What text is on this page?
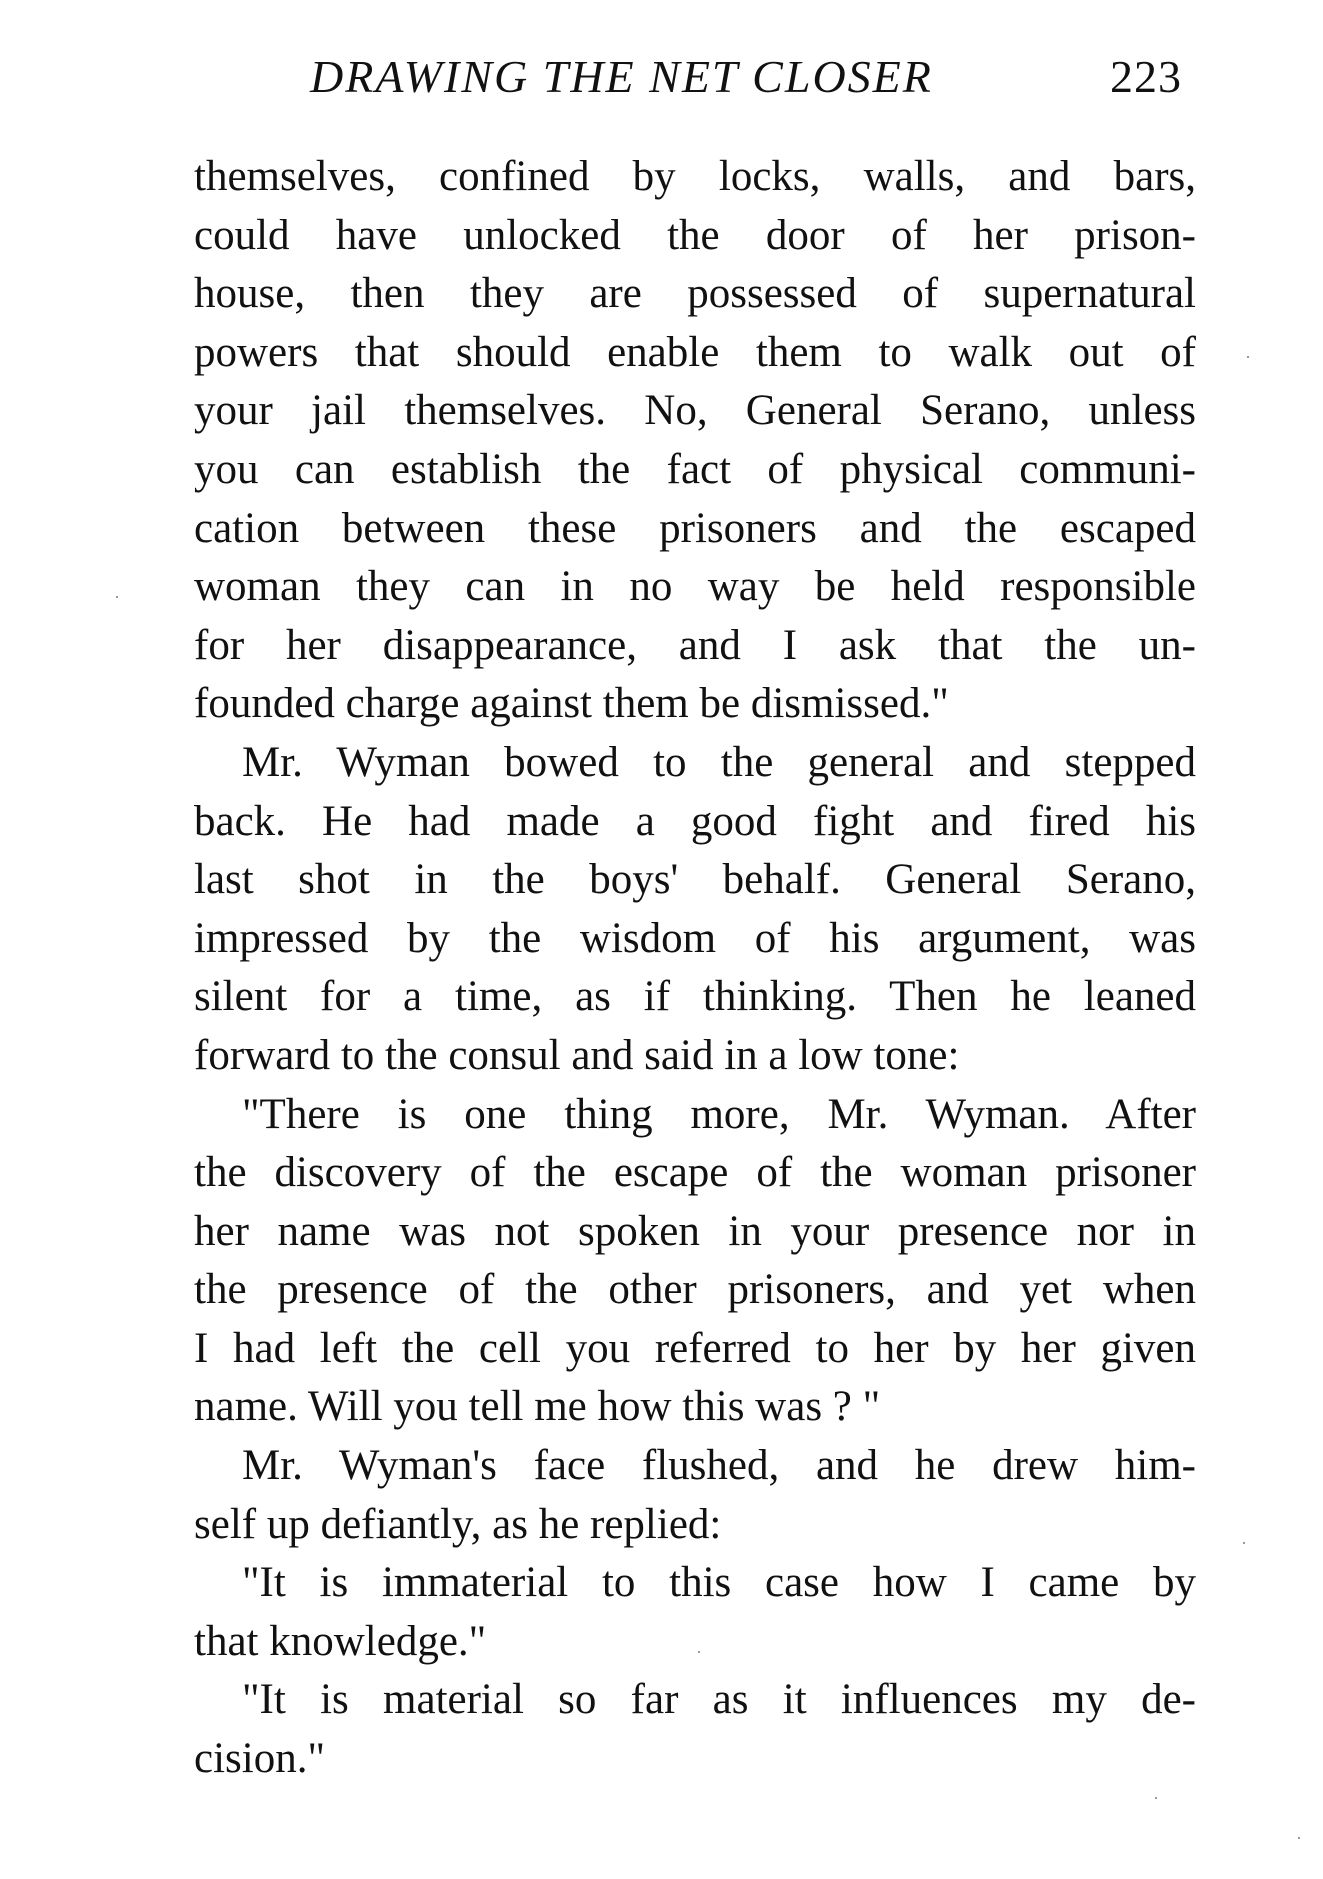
DRAWING THE NET CLOSER	223
themselves, confined by locks, walls, and bars,
could have unlocked the door of her prison-
house, then they are possessed of supernatural
powers that should enable them to walk out of
your jail themselves. No, General Serano, unless
you can establish the fact of physical communi-
cation between these prisoners and the escaped
woman they can in no way be held responsible
for her disappearance, and I ask that the un-
founded charge against them be dismissed."
Mr. Wyman bowed to the general and stepped
back. He had made a good fight and fired his
last shot in the boys' behalf. General Serano,
impressed by the wisdom of his argument, was
silent for a time, as if thinking. Then he leaned
forward to the consul and said in a low tone:
"There is one thing more, Mr. Wyman. After
the discovery of the escape of the woman prisoner
her name was not spoken in your presence nor in
the presence of the other prisoners, and yet when
I had left the cell you referred to her by her given
name. Will you tell me how this was ? "
Mr. Wyman's face flushed, and he drew him-
self up defiantly, as he replied:
"It is immaterial to this case how I came by
that knowledge."
"It is material so far as it influences my de-
cision."
